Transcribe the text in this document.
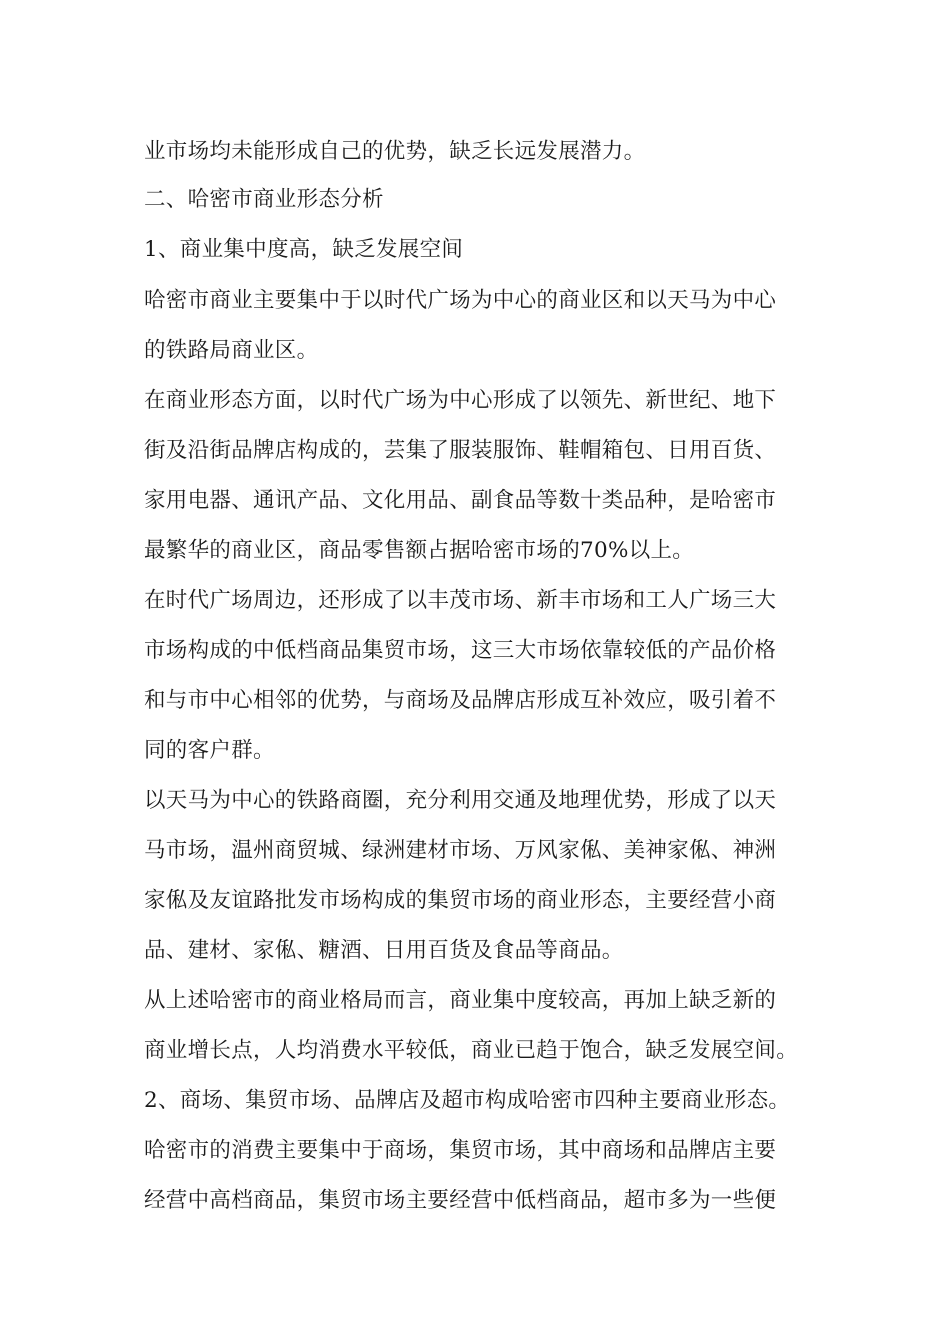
业市场均未能形成自己的优势，缺乏长远发展潜力。
二、哈密市商业形态分析
1、商业集中度高，缺乏发展空间
哈密市商业主要集中于以时代广场为中心的商业区和以天马为中心
的铁路局商业区。
在商业形态方面，以时代广场为中心形成了以领先、新世纪、地下
街及沿街品牌店构成的，芸集了服装服饰、鞋帽箱包、日用百货、
家用电器、通讯产品、文化用品、副食品等数十类品种，是哈密市
最繁华的商业区，商品零售额占据哈密市场的70%以上。
在时代广场周边，还形成了以丰茂市场、新丰市场和工人广场三大
市场构成的中低档商品集贸市场，这三大市场依靠较低的产品价格
和与市中心相邻的优势，与商场及品牌店形成互补效应，吸引着不
同的客户群。
以天马为中心的铁路商圈，充分利用交通及地理优势，形成了以天
马市场，温州商贸城、绿洲建材市场、万风家俬、美神家俬、神洲
家俬及友谊路批发市场构成的集贸市场的商业形态，主要经营小商
品、建材、家俬、糖酒、日用百货及食品等商品。
从上述哈密市的商业格局而言，商业集中度较高，再加上缺乏新的
商业增长点，人均消费水平较低，商业已趋于饱合，缺乏发展空间。
2、商场、集贸市场、品牌店及超市构成哈密市四种主要商业形态。
哈密市的消费主要集中于商场，集贸市场，其中商场和品牌店主要
经营中高档商品，集贸市场主要经营中低档商品，超市多为一些便
